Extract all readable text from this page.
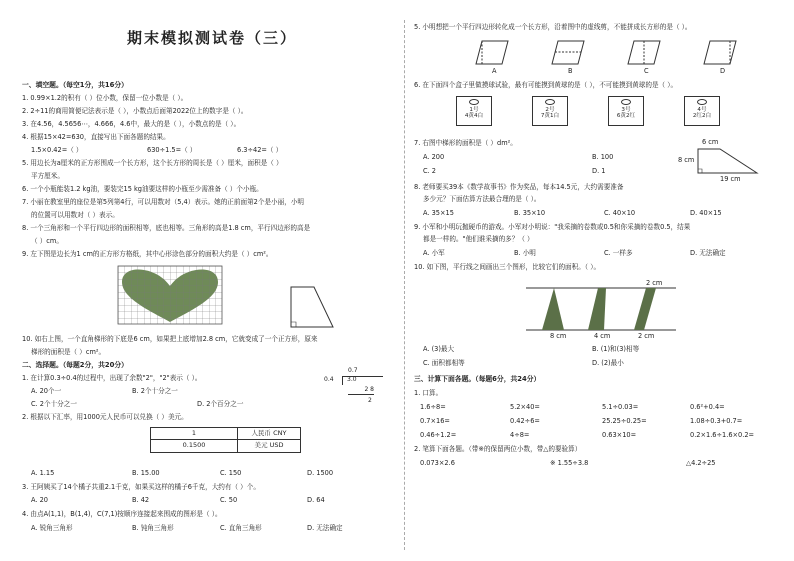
期末模拟测试卷（三）
一、填空题。（每空1分，共16分）
1. 0.99×1.2的积有（ ）位小数，保留一位小数是（ ）。
2. 2÷11的商用简便记法表示是（ ），小数点后面第2022位上的数字是（ ）。
3. 在4.56，4.5656⋯，4.666，4.6中，最大的是（ ），小数点的是（ ）。
4. 根据15×42=630，直接写出下面各题的结果。
1.5×0.42=（ ）	630÷1.5=（ ）	6.3÷42=（ ）
5. 用边长为a厘米的正方形围成一个长方形，这个长方形的周长是（ ）厘米，面积是（ ）
平方厘米。
6. 一个小瓶能装1.2 kg油，要装完15 kg油要这样的小瓶至少需准备（ ）个小瓶。
7. 小丽在教室里的座位是第5列第4行，可以用数对（5,4）表示。她的正前面第2个是小丽，小明
的位置可以用数对（ ）表示。
8. 一个三角形和一个平行四边形的面积相等，底也相等。三角形的高是1.8 cm，平行四边形的高是
（ ）cm。
9. 左下图是边长为1 cm的正方形方格纸，其中心形涂色部分的面积大约是（ ）cm²。
10. 如右上图，一个直角梯形的下底是6 cm，如果把上底增加2.8 cm，它就变成了一个正方形，原来
梯形的面积是（ ）cm²。
二、选择题。（每题2分，共20分）
1. 在计算0.3÷0.4的过程中，出现了余数"2"，"2"表示（ ）。
A. 20个一	B. 2个十分之一
C. 2个十分之一	D. 2个百分之一
0.7
0.4	3.0
2 8
2
2. 根据以下汇率，用1000元人民币可以兑换（ ）美元。
1	人民币 CNY
0.1500	美元 USD
A. 1.15	B. 15.00	C. 150	D. 1500
3. 王阿姨买了14个橘子共重2.1千克，如果买这样的橘子6千克，大约有（ ）个。
A. 20	B. 42	C. 50	D. 64
4. 由点A(1,1)，B(1,4)，C(7,1)按顺序连接起来围成的图形是（ ）。
A. 锐角三角形	B. 钝角三角形	C. 直角三角形	D. 无法确定
5. 小明想把一个平行四边形转化成一个长方形，沿着图中的虚线剪，不能拼成长方形的是（ ）。
A	B	C	D
6. 在下面四个盒子里做摸球试验，最有可能摸到黄球的是（ ），不可能摸到黄球的是（ ）。
1号
4黄4白
2号
7黄1白
3号
6黄2红
4号
2红2白
7. 右图中梯形的面积是（ ）dm²。
A. 200	B. 100
C. 2	D. 1
6 cm
8 cm
19 cm
8. 老师要买39本《数学故事书》作为奖品，每本14.5元，大约需要准备
多少元？下面估算方法最合理的是（ ）。
A. 35×15	B. 35×10	C. 40×10	D. 40×15
9. 小军和小明玩抛硬币的游戏。小军对小明说："我采摘的卷数或0.5和你采摘的卷数0.5，结果
都是一样的。"他们谁采摘的多？（ ）
A. 小军	B. 小明	C. 一样多	D. 无法确定
10. 如下图，平行线之间画出三个图形，比较它们的面积。（ ）。
2 cm
8 cm	4 cm	2 cm
A. (3)最大	B. (1)和(3)相等
C. 面积都相等	D. (2)最小
三、计算下面各题。（每题6分，共24分）
1. 口算。
1.6÷8=	5.2×40=	5.1÷0.03=	0.6²+0.4=
0.7×16=	0.42÷6=	25.25÷0.25=	1.08÷0.3+0.7=
0.46÷1.2=	4÷8=	0.63×10=	0.2×1.6÷1.6×0.2=
2. 笔算下面各题。（带※的保留两位小数，带△的要验算）
0.073×2.6	※ 1.55÷3.8	△4.2÷25
